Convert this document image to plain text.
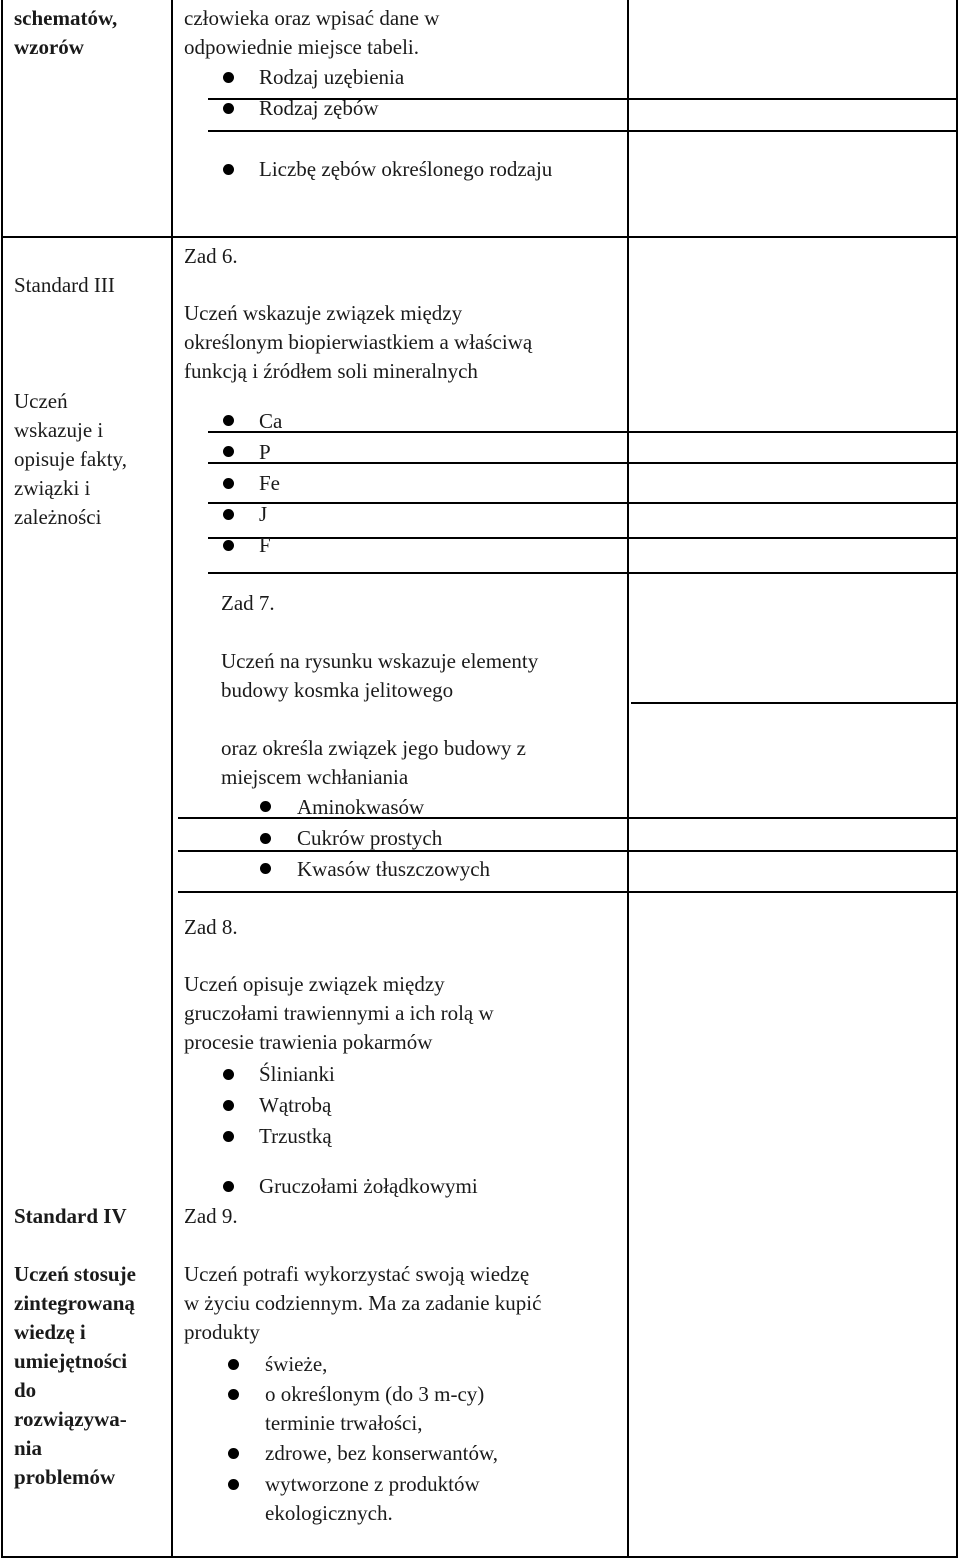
schematów,
wzorów
człowieka oraz wpisać dane w
odpowiednie miejsce tabeli.
Rodzaj uzębienia
Rodzaj zębów
Liczbę zębów określonego rodzaju
Standard III
Uczeń
wskazuje i
opisuje fakty,
związki i
zależności
Zad 6.
Uczeń wskazuje związek między
określonym biopierwiastkiem a właściwą
funkcją i źródłem soli mineralnych
Ca
P
Fe
J
F
Zad 7.
Uczeń na rysunku wskazuje elementy
budowy kosmka jelitowego
oraz określa związek jego budowy z
miejscem wchłaniania
Aminokwasów
Cukrów prostych
Kwasów tłuszczowych
Zad 8.
Uczeń opisuje związek między
gruczołami trawiennymi a ich rolą w
procesie trawienia pokarmów
Ślinianki
Wątrobą
Trzustką
Gruczołami żołądkowymi
Standard IV
Uczeń stosuje
zintegrowaną
wiedzę i
umiejętności
do
rozwiązywa-
nia
problemów
Zad 9.
Uczeń potrafi wykorzystać swoją wiedzę
w życiu codziennym. Ma za zadanie kupić
produkty
świeże,
o określonym (do 3 m-cy)
terminie trwałości,
zdrowe, bez konserwantów,
wytworzone z produktów
ekologicznych.
